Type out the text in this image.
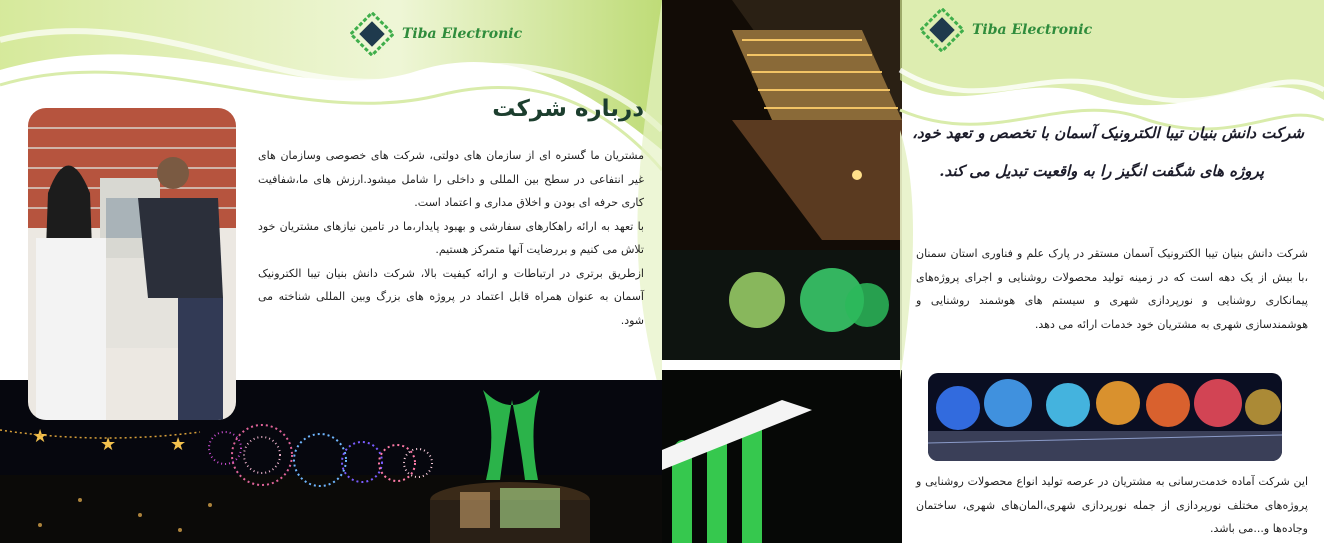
★	★	★
Tiba Electronic
درباره شرکت
مشتریان ما گستره ای از سازمان های دولتی، شرکت های خصوصی وسازمان های غیر انتفاعی در سطح بین المللی و داخلی را شامل میشود.ارزش های ما،شفافیت کاری حرفه ای بودن و اخلاق مداری و اعتماد است.
با تعهد به ارائه راهکارهای سفارشی و بهبود پایدار،ما در تامین نیازهای مشتریان خود تلاش می کنیم و بررضایت آنها متمرکز هستیم.
ازطریق برتری در ارتباطات و ارائه کیفیت بالا، شرکت دانش بنیان تیبا الکترونیک آسمان به عنوان همراه قابل اعتماد در پروژه های بزرگ وبین المللی شناخته می شود.
Tiba Electronic
شرکت دانش بنیان تیبا الکترونیک آسمان با تخصص و تعهد خود،
پروژه های شگفت انگیز را به واقعیت تبدیل می کند.
شرکت دانش بنیان تیبا الکترونیک آسمان مستقر در پارک علم و فناوری استان سمنان ،با بیش از یک دهه است که در زمینه تولید محصولات روشنایی و اجرای پروژه‌های پیمانکاری روشنایی و نورپردازی شهری و سیستم های هوشمند روشنایی و هوشمندسازی شهری به مشتریان خود خدمات ارائه می دهد.
این شرکت آماده خدمت‌رسانی به مشتریان در عرصه تولید انواع محصولات روشنایی و پروژه‌های مختلف نورپردازی از جمله نورپردازی شهری،المان‌های شهری، ساختمان وجاده‌ها و...می باشد.
